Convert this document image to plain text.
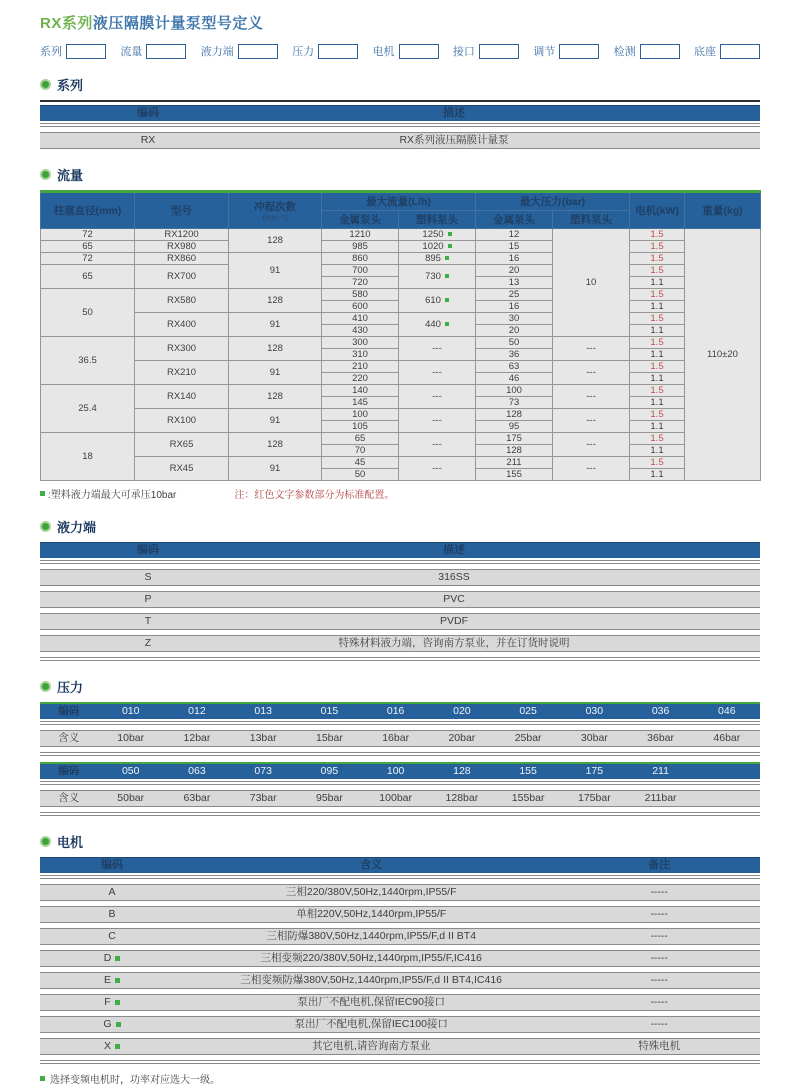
RX系列液压隔膜计量泵型号定义
系列	流量	液力端	压力	电机	接口	调节	检测	底座
系列
编码	描述
RX	RX系列液压隔膜计量泵
流量
柱塞直径(mm)	型号	冲程次数
(min⁻¹)	最大流量(L/h)		最大压力(bar)		电机(kW)	重量(kg)
			金属泵头	塑料泵头	金属泵头	塑料泵头		
72	RX1200	128	1210	1250	12	10	1.5	110±20
65	RX980		985	1020	15		1.5	
72	RX860	91	860	895	16		1.5	
65	RX700		700	730	20		1.5	
			720		13		1.1	
50	RX580	128	580	610	25		1.5	
			600		16		1.1	
	RX400	91	410	440	30		1.5	
			430		20		1.1	
36.5	RX300	128	300	---	50	---	1.5	
			310		36		1.1	
	RX210	91	210	---	63	---	1.5	
			220		46		1.1	
25.4	RX140	128	140	---	100	---	1.5	
			145		73		1.1	
	RX100	91	100	---	128	---	1.5	
			105		95		1.1	
18	RX65	128	65	---	175	---	1.5	
			70		128		1.1	
	RX45	91	45	---	211	---	1.5	
			50		155		1.1	
:塑料液力端最大可承压10bar	注：红色文字参数部分为标准配置。
液力端
编码	描述
S	316SS
P	PVC
T	PVDF
Z	特殊材料液力端，咨询南方泵业，并在订货时说明
压力
编码	010	012	013	015	016	020	025	030	036	046
含义	10bar	12bar	13bar	15bar	16bar	20bar	25bar	30bar	36bar	46bar
编码	050	063	073	095	100	128	155	175	211
含义	50bar	63bar	73bar	95bar	100bar	128bar	155bar	175bar	211bar
电机
编码	含义	备注
A	三相220/380V,50Hz,1440rpm,IP55/F	-----
B	单相220V,50Hz,1440rpm,IP55/F	-----
C	三相防爆380V,50Hz,1440rpm,IP55/F,d II BT4	-----
D	三相变频220/380V,50Hz,1440rpm,IP55/F,IC416	-----
E	三相变频防爆380V,50Hz,1440rpm,IP55/F,d II BT4,IC416	-----
F	泵出厂不配电机,保留IEC90接口	-----
G	泵出厂不配电机,保留IEC100接口	-----
X	其它电机,请咨询南方泵业	特殊电机
选择变频电机时，功率对应选大一级。
